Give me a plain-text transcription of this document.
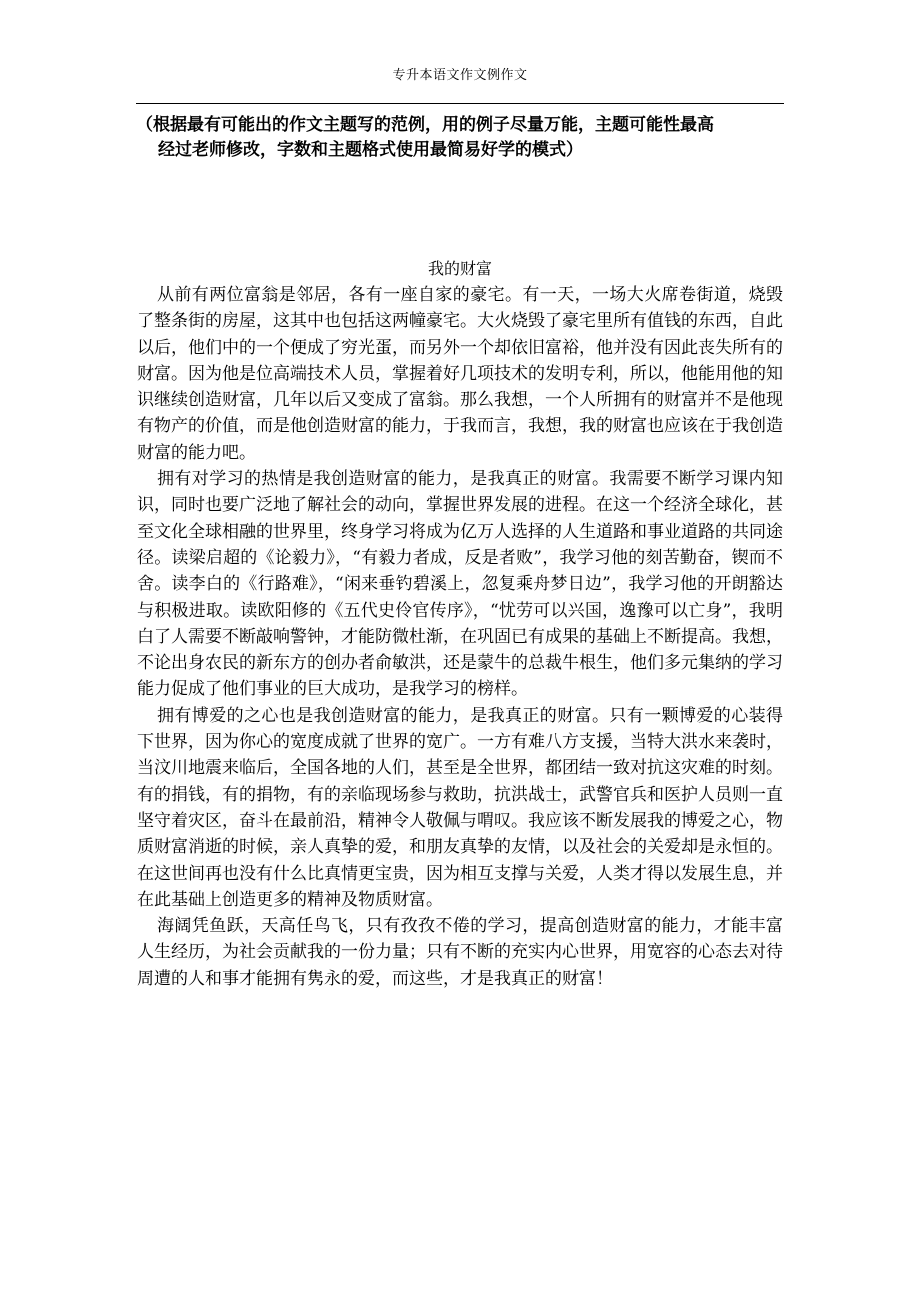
专升本语文作文例作文

（根据最有可能出的作文主题写的范例，用的例子尽量万能，主题可能性最高

经过老师修改，字数和主题格式使用最简易好学的模式）

我的财富

从前有两位富翁是邻居，各有一座自家的豪宅。有一天，一场大火席卷街道，烧毁了整条街的房屋，这其中也包括这两幢豪宅。大火烧毁了豪宅里所有值钱的东西，自此以后，他们中的一个便成了穷光蛋，而另外一个却依旧富裕，他并没有因此丧失所有的财富。因为他是位高端技术人员，掌握着好几项技术的发明专利，所以，他能用他的知识继续创造财富，几年以后又变成了富翁。那么我想，一个人所拥有的财富并不是他现有物产的价值，而是他创造财富的能力，于我而言，我想，我的财富也应该在于我创造财富的能力吧。

拥有对学习的热情是我创造财富的能力，是我真正的财富。我需要不断学习课内知识，同时也要广泛地了解社会的动向，掌握世界发展的进程。在这一个经济全球化，甚至文化全球相融的世界里，终身学习将成为亿万人选择的人生道路和事业道路的共同途径。读梁启超的《论毅力》，“有毅力者成，反是者败”，我学习他的刻苦勤奋，锲而不舍。读李白的《行路难》，“闲来垂钓碧溪上，忽复乘舟梦日边”，我学习他的开朗豁达与积极进取。读欧阳修的《五代史伶官传序》，“忧劳可以兴国，逸豫可以亡身”，我明白了人需要不断敲响警钟，才能防微杜渐，在巩固已有成果的基础上不断提高。我想，不论出身农民的新东方的创办者俞敏洪，还是蒙牛的总裁牛根生，他们多元集纳的学习能力促成了他们事业的巨大成功，是我学习的榜样。

拥有博爱的之心也是我创造财富的能力，是我真正的财富。只有一颗博爱的心装得下世界，因为你心的宽度成就了世界的宽广。一方有难八方支援，当特大洪水来袭时，当汶川地震来临后，全国各地的人们，甚至是全世界，都团结一致对抗这灾难的时刻。有的捐钱，有的捐物，有的亲临现场参与救助，抗洪战士，武警官兵和医护人员则一直坚守着灾区，奋斗在最前沿，精神令人敬佩与喟叹。我应该不断发展我的博爱之心，物质财富消逝的时候，亲人真挚的爱，和朋友真挚的友情，以及社会的关爱却是永恒的。在这世间再也没有什么比真情更宝贵，因为相互支撑与关爱，人类才得以发展生息，并在此基础上创造更多的精神及物质财富。

海阔凭鱼跃，天高任鸟飞，只有孜孜不倦的学习，提高创造财富的能力，才能丰富人生经历，为社会贡献我的一份力量；只有不断的充实内心世界，用宽容的心态去对待周遭的人和事才能拥有隽永的爱，而这些，才是我真正的财富！
